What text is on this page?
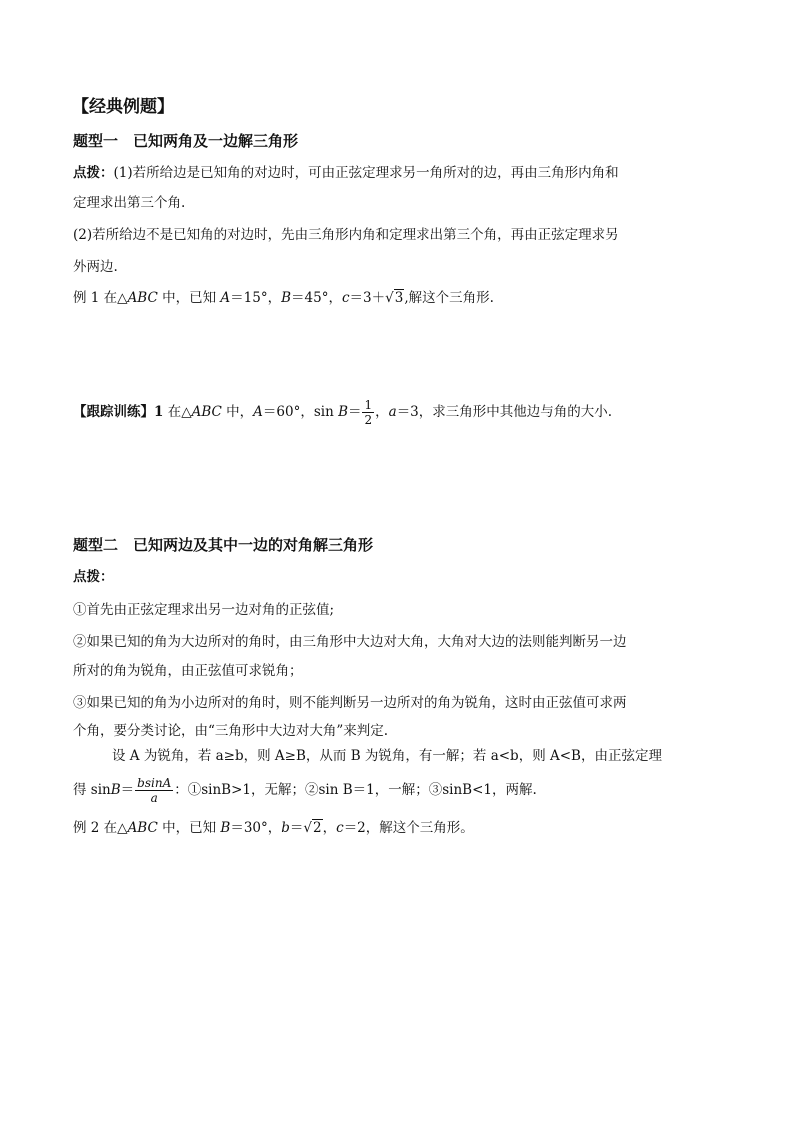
【经典例题】
题型一　已知两角及一边解三角形
点拨：(1)若所给边是已知角的对边时，可由正弦定理求另一角所对的边，再由三角形内角和
定理求出第三个角.
(2)若所给边不是已知角的对边时，先由三角形内角和定理求出第三个角，再由正弦定理求另
外两边.
例 1 在△ABC 中，已知 A＝15°，B＝45°，c＝3＋√3,解这个三角形.
【跟踪训练】1 在△ABC 中，A＝60°，$\sin B= \frac{1}{2}$ ，a＝3，求三角形中其他边与角的大小.
题型二　已知两边及其中一边的对角解三角形
点拨：
①首先由正弦定理求出另一边对角的正弦值;
②如果已知的角为大边所对的角时，由三角形中大边对大角，大角对大边的法则能判断另一边
所对的角为锐角，由正弦值可求锐角；
③如果已知的角为小边所对的角时，则不能判断另一边所对的角为锐角，这时由正弦值可求两
个角，要分类讨论，由“三角形中大边对大角”来判定.
设 A 为锐角，若 a≥b，则 A≥B，从而 B 为锐角，有一解；若 a<b，则 A<B，由正弦定理
得 $\sin B= \frac{bsinA}{a}$ ：①sinB>1，无解；②sin B＝1，一解；③sinB<1，两解.
例 2 在△ABC 中，已知 B＝30°，b＝√2，c＝2，解这个三角形。
